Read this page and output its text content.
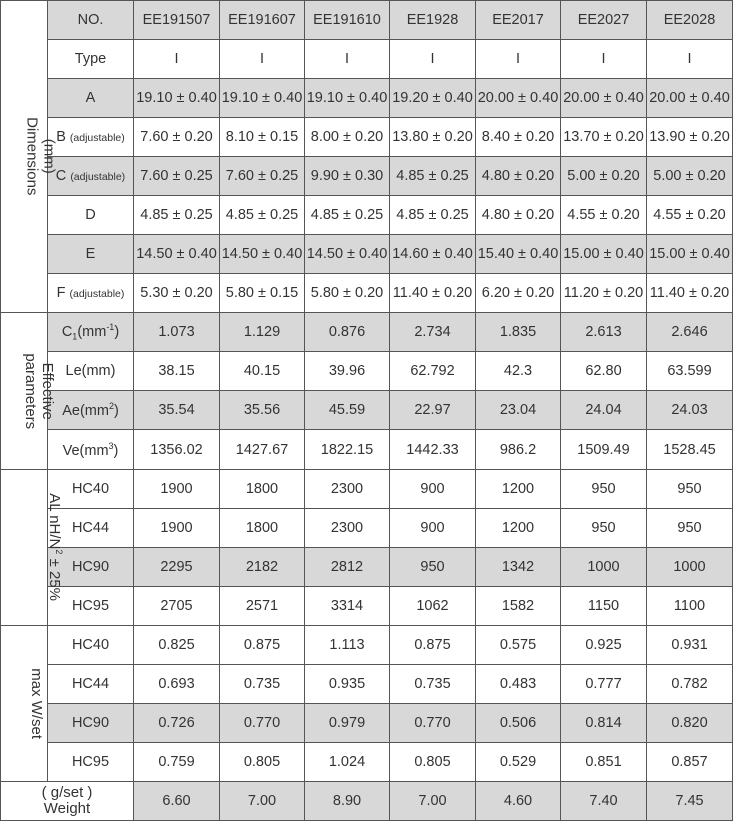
(mm)
Dimensions	NO.	EE191507	EE191607	EE191610	EE1928	EE2017	EE2027	EE2028
	Type	I	I	I	I	I	I	I
	A	19.10 ± 0.40	19.10 ± 0.40	19.10 ± 0.40	19.20 ± 0.40	20.00 ± 0.40	20.00 ± 0.40	20.00 ± 0.40
	B (adjustable)	7.60 ± 0.20	8.10 ± 0.15	8.00 ± 0.20	13.80 ± 0.20	8.40 ± 0.20	13.70 ± 0.20	13.90 ± 0.20
	C (adjustable)	7.60 ± 0.25	7.60 ± 0.25	9.90 ± 0.30	4.85 ± 0.25	4.80 ± 0.20	5.00 ± 0.20	5.00 ± 0.20
	D	4.85 ± 0.25	4.85 ± 0.25	4.85 ± 0.25	4.85 ± 0.25	4.80 ± 0.20	4.55 ± 0.20	4.55 ± 0.20
	E	14.50 ± 0.40	14.50 ± 0.40	14.50 ± 0.40	14.60 ± 0.40	15.40 ± 0.40	15.00 ± 0.40	15.00 ± 0.40
	F (adjustable)	5.30 ± 0.20	5.80 ± 0.15	5.80 ± 0.20	11.40 ± 0.20	6.20 ± 0.20	11.20 ± 0.20	11.40 ± 0.20
Effective
parameters	$C_1(mm^{-1})$	1.073	1.129	0.876	2.734	1.835	2.613	2.646
	Le(mm)	38.15	40.15	39.96	62.792	42.3	62.80	63.599
	$Ae(mm^2)$	35.54	35.56	45.59	22.97	23.04	24.04	24.03
	$Ve(mm^3)$	1356.02	1427.67	1822.15	1442.33	986.2	1509.49	1528.45
AL $nH/N^2 \pm 25\%$	HC40	1900	1800	2300	900	1200	950	950
	HC44	1900	1800	2300	900	1200	950	950
	HC90	2295	2182	2812	950	1342	1000	1000
	HC95	2705	2571	3314	1062	1582	1150	1100
max W/set	HC40	0.825	0.875	1.113	0.875	0.575	0.925	0.931
	HC44	0.693	0.735	0.935	0.735	0.483	0.777	0.782
	HC90	0.726	0.770	0.979	0.770	0.506	0.814	0.820
	HC95	0.759	0.805	1.024	0.805	0.529	0.851	0.857
( g/set )
Weight		6.60	7.00	8.90	7.00	4.60	7.40	7.45
